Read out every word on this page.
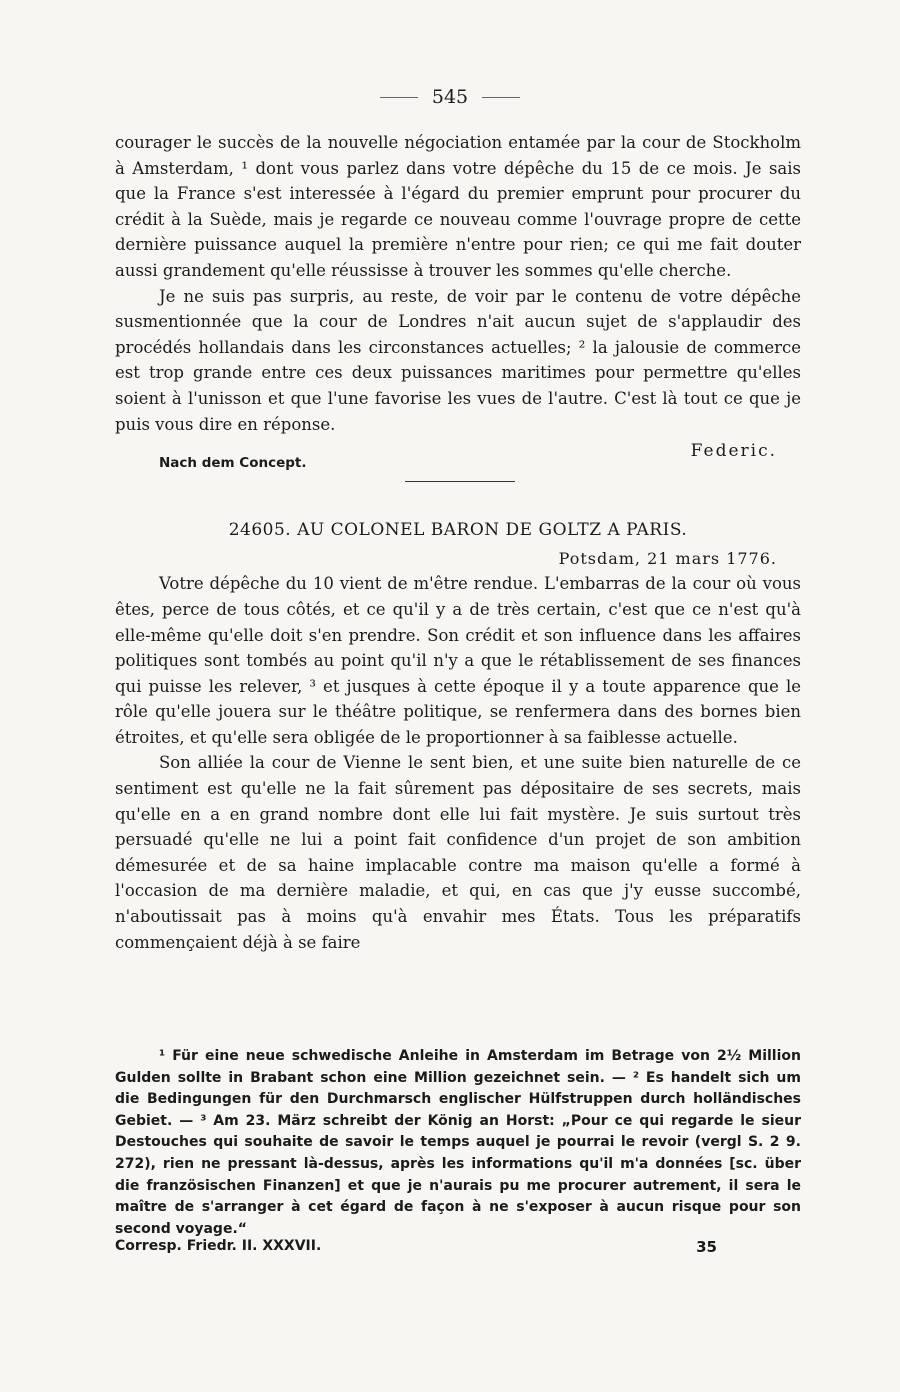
545

courager le succès de la nouvelle négociation entamée par la cour de Stockholm à Amsterdam, ¹ dont vous parlez dans votre dépêche du 15 de ce mois. Je sais que la France s'est interessée à l'égard du premier emprunt pour procurer du crédit à la Suède, mais je regarde ce nouveau comme l'ouvrage propre de cette dernière puissance auquel la première n'entre pour rien; ce qui me fait douter aussi grandement qu'elle réussisse à trouver les sommes qu'elle cherche.

Je ne suis pas surpris, au reste, de voir par le contenu de votre dépêche susmentionnée que la cour de Londres n'ait aucun sujet de s'applaudir des procédés hollandais dans les circonstances actuelles; ² la jalousie de commerce est trop grande entre ces deux puissances maritimes pour permettre qu'elles soient à l'unisson et que l'une favorise les vues de l'autre. C'est là tout ce que je puis vous dire en réponse.

Nach dem Concept.
Federic.
24605. AU COLONEL BARON DE GOLTZ A PARIS.
Potsdam, 21 mars 1776.

Votre dépêche du 10 vient de m'être rendue. L'embarras de la cour où vous êtes, perce de tous côtés, et ce qu'il y a de très certain, c'est que ce n'est qu'à elle-même qu'elle doit s'en prendre. Son crédit et son influence dans les affaires politiques sont tombés au point qu'il n'y a que le rétablissement de ses finances qui puisse les relever, ³ et jusques à cette époque il y a toute apparence que le rôle qu'elle jouera sur le théâtre politique, se renfermera dans des bornes bien étroites, et qu'elle sera obligée de le proportionner à sa faiblesse actuelle.

Son alliée la cour de Vienne le sent bien, et une suite bien naturelle de ce sentiment est qu'elle ne la fait sûrement pas dépositaire de ses secrets, mais qu'elle en a en grand nombre dont elle lui fait mystère. Je suis surtout très persuadé qu'elle ne lui a point fait confidence d'un projet de son ambition démesurée et de sa haine implacable contre ma maison qu'elle a formé à l'occasion de ma dernière maladie, et qui, en cas que j'y eusse succombé, n'aboutissait pas à moins qu'à envahir mes États. Tous les préparatifs commençaient déjà à se faire

¹ Für eine neue schwedische Anleihe in Amsterdam im Betrage von 2½ Million Gulden sollte in Brabant schon eine Million gezeichnet sein. — ² Es handelt sich um die Bedingungen für den Durchmarsch englischer Hülfstruppen durch holländisches Gebiet. — ³ Am 23. März schreibt der König an Horst: „Pour ce qui regarde le sieur Destouches qui souhaite de savoir le temps auquel je pourrai le revoir (vergl S. 2 9. 272), rien ne pressant là-dessus, après les informations qu'il m'a données [sc. über die französischen Finanzen] et que je n'aurais pu me procurer autrement, il sera le maître de s'arranger à cet égard de façon à ne s'exposer à aucun risque pour son second voyage.“

Corresp. Friedr. II. XXXVII.	35
